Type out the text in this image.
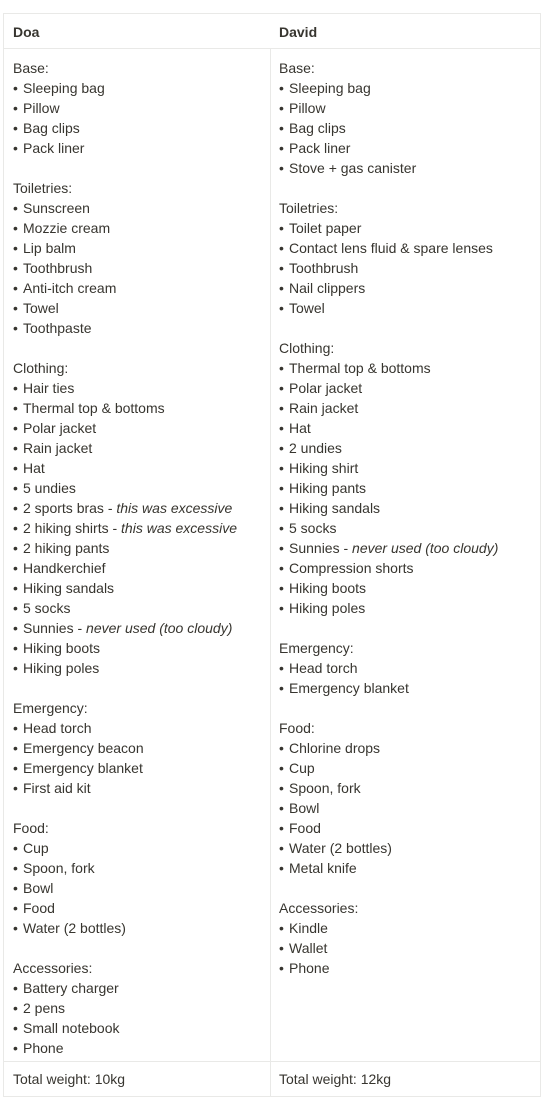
Doa
Base:
• Sleeping bag
• Pillow
• Bag clips
• Pack liner
Toiletries:
• Sunscreen
• Mozzie cream
• Lip balm
• Toothbrush
• Anti-itch cream
• Towel
• Toothpaste
Clothing:
• Hair ties
• Thermal top & bottoms
• Polar jacket
• Rain jacket
• Hat
• 5 undies
• 2 sports bras - this was excessive
• 2 hiking shirts - this was excessive
• 2 hiking pants
• Handkerchief
• Hiking sandals
• 5 socks
• Sunnies - never used (too cloudy)
• Hiking boots
• Hiking poles
Emergency:
• Head torch
• Emergency beacon
• Emergency blanket
• First aid kit
Food:
• Cup
• Spoon, fork
• Bowl
• Food
• Water (2 bottles)
Accessories:
• Battery charger
• 2 pens
• Small notebook
• Phone
Total weight: 10kg
David
Base:
• Sleeping bag
• Pillow
• Bag clips
• Pack liner
• Stove + gas canister
Toiletries:
• Toilet paper
• Contact lens fluid & spare lenses
• Toothbrush
• Nail clippers
• Towel
Clothing:
• Thermal top & bottoms
• Polar jacket
• Rain jacket
• Hat
• 2 undies
• Hiking shirt
• Hiking pants
• Hiking sandals
• 5 socks
• Sunnies - never used (too cloudy)
• Compression shorts
• Hiking boots
• Hiking poles
Emergency:
• Head torch
• Emergency blanket
Food:
• Chlorine drops
• Cup
• Spoon, fork
• Bowl
• Food
• Water (2 bottles)
• Metal knife
Accessories:
• Kindle
• Wallet
• Phone
Total weight: 12kg
